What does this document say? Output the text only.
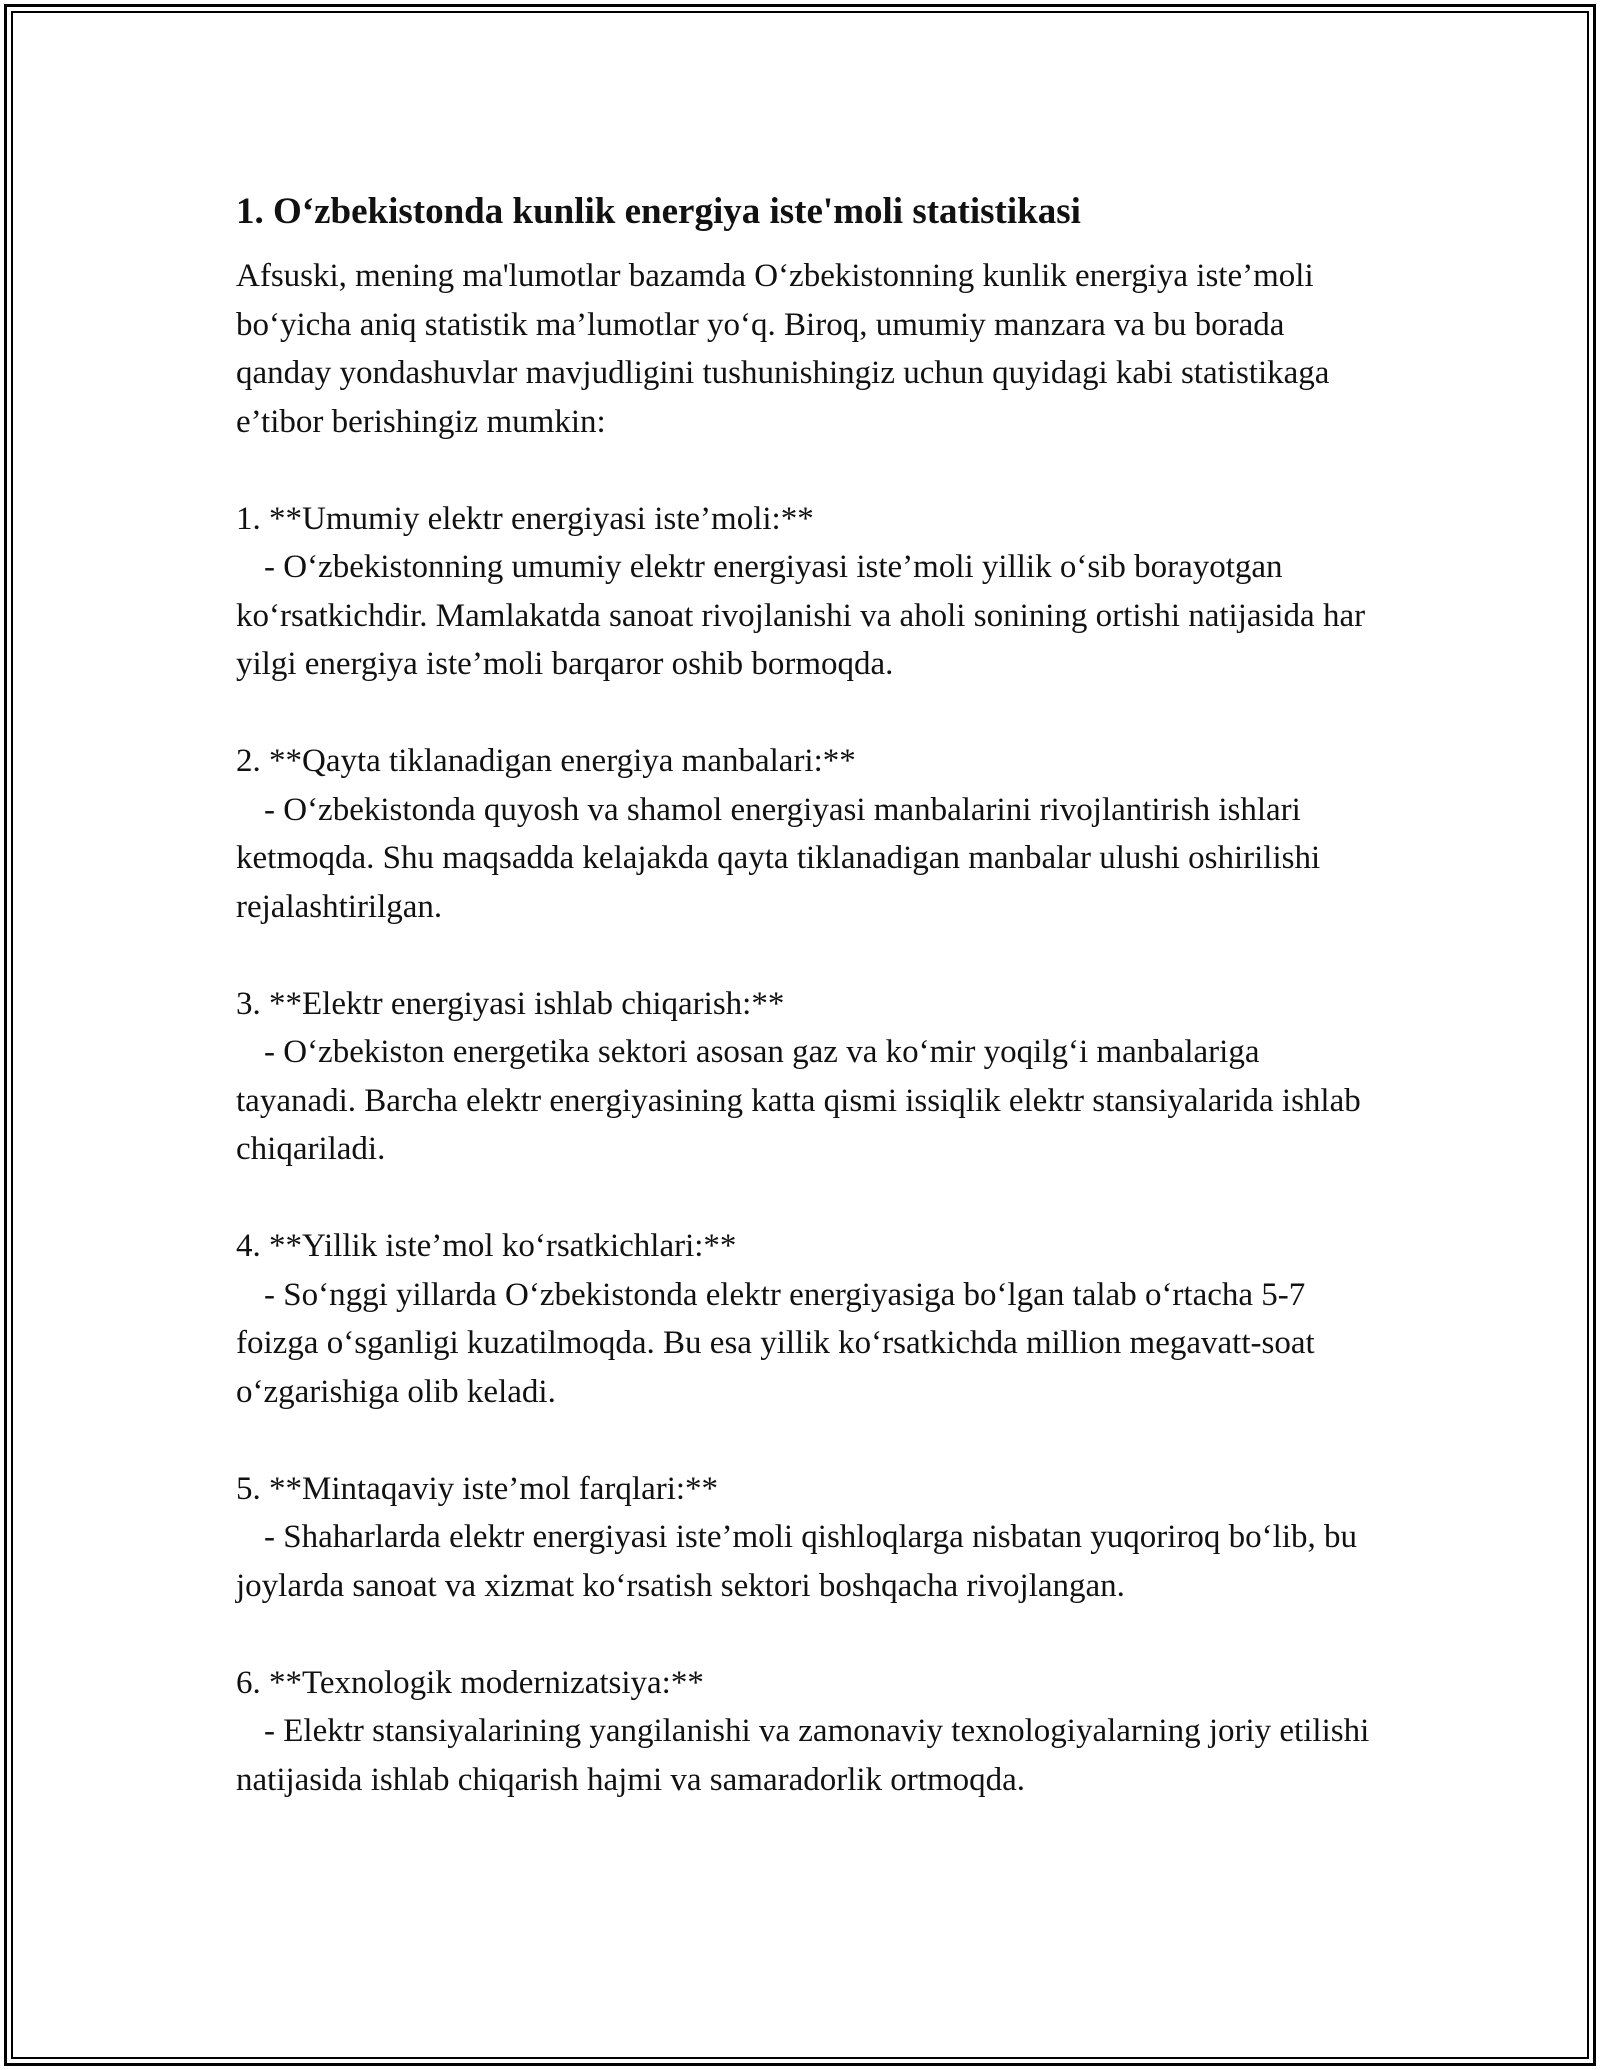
1. O‘zbekistonda kunlik energiya iste'moli statistikasi

Afsuski, mening ma'lumotlar bazamda O‘zbekistonning kunlik energiya iste’moli bo‘yicha aniq statistik ma’lumotlar yo‘q. Biroq, umumiy manzara va bu borada qanday yondashuvlar mavjudligini tushunishingiz uchun quyidagi kabi statistikaga e’tibor berishingiz mumkin:

1. **Umumiy elektr energiyasi iste’moli:**

- O‘zbekistonning umumiy elektr energiyasi iste’moli yillik o‘sib borayotgan ko‘rsatkichdir. Mamlakatda sanoat rivojlanishi va aholi sonining ortishi natijasida har yilgi energiya iste’moli barqaror oshib bormoqda.

2. **Qayta tiklanadigan energiya manbalari:**

- O‘zbekistonda quyosh va shamol energiyasi manbalarini rivojlantirish ishlari ketmoqda. Shu maqsadda kelajakda qayta tiklanadigan manbalar ulushi oshirilishi rejalashtirilgan.

3. **Elektr energiyasi ishlab chiqarish:**

- O‘zbekiston energetika sektori asosan gaz va ko‘mir yoqilg‘i manbalariga tayanadi. Barcha elektr energiyasining katta qismi issiqlik elektr stansiyalarida ishlab chiqariladi.

4. **Yillik iste’mol ko‘rsatkichlari:**

- So‘nggi yillarda O‘zbekistonda elektr energiyasiga bo‘lgan talab o‘rtacha 5-7 foizga o‘sganligi kuzatilmoqda. Bu esa yillik ko‘rsatkichda million megavatt-soat o‘zgarishiga olib keladi.

5. **Mintaqaviy iste’mol farqlari:**

- Shaharlarda elektr energiyasi iste’moli qishloqlarga nisbatan yuqoriroq bo‘lib, bu joylarda sanoat va xizmat ko‘rsatish sektori boshqacha rivojlangan.

6. **Texnologik modernizatsiya:**

- Elektr stansiyalarining yangilanishi va zamonaviy texnologiyalarning joriy etilishi natijasida ishlab chiqarish hajmi va samaradorlik ortmoqda.
